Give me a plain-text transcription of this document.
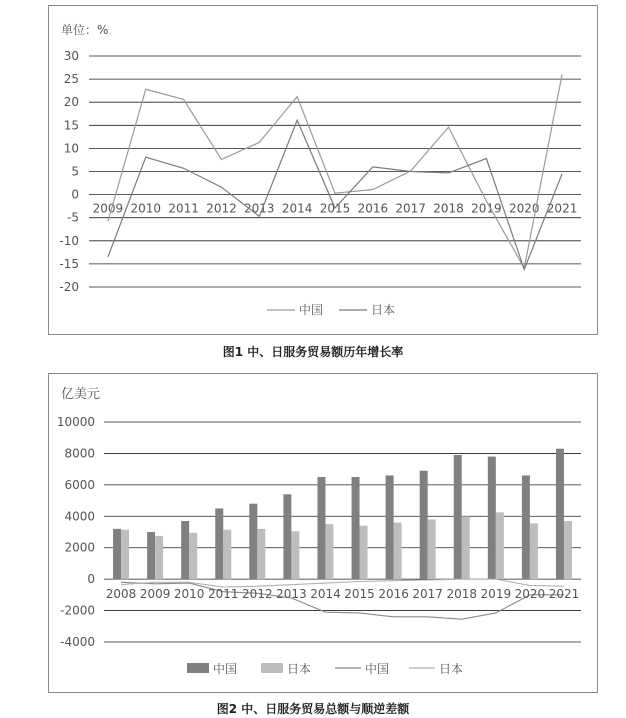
单位：%
30
25
20
15
10
5
0
-5
-10
-15
-20
2009 2010 2011 2012 2013 2014 2015 2016 2017 2018 2019 2020 2021
中国	日本
图1 中、日服务贸易额历年增长率
亿美元
10000
8000
6000
4000
2000
0
-2000
-4000
2008 2009 2010 2011 2012 2013 2014 2015 2016 2017 2018 2019 2020 2021
中国	日本	中国	日本
图2 中、日服务贸易总额与顺逆差额
